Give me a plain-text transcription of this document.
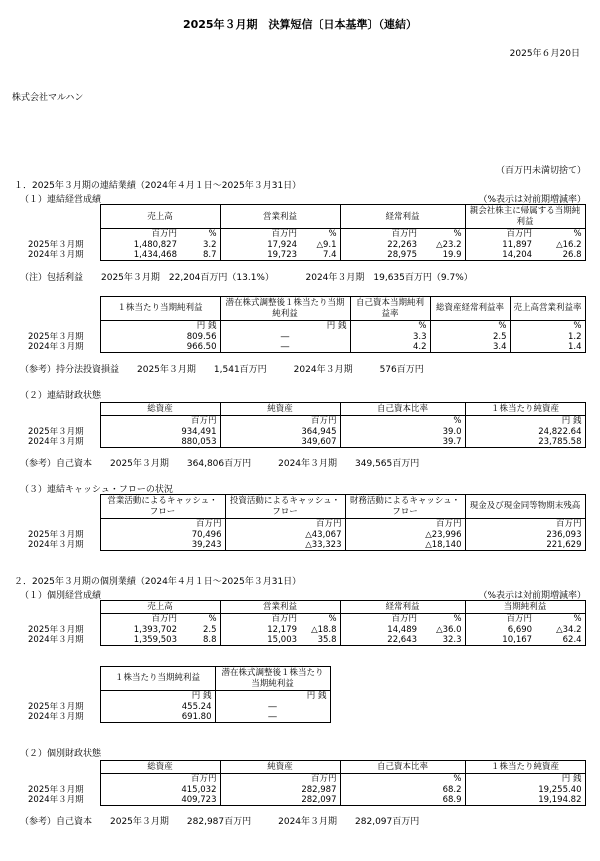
2025年３月期　決算短信〔日本基準〕（連結）
2025年６月20日
株式会社マルハン
（百万円未満切捨て）
１．2025年３月期の連結業績（2024年４月１日～2025年３月31日）
（１）連結経営成績	（%表示は対前期増減率）
	売上高		営業利益		経常利益		親会社株主に帰属する当期純利益	
	百万円	%	百万円	%	百万円	%	百万円	%
2025年３月期	1,480,827	3.2	17,924	△9.1	22,263	△23.2	11,897	△16.2
2024年３月期	1,434,468	8.7	19,723	7.4	28,975	19.9	14,204	26.8
（注）包括利益　　2025年３月期　22,204百万円（13.1%）　　　　2024年３月期　19,635百万円（9.7%）
	１株当たり当期純利益	潜在株式調整後１株当たり当期純利益	自己資本当期純利益率	総資産経常利益率	売上高営業利益率
	円 銭	円 銭	%	%	%
2025年３月期	809.56	―	3.3	2.5	1.2
2024年３月期	966.50	―	4.2	3.4	1.4
（参考）持分法投資損益　　2025年３月期　　1,541百万円　　　2024年３月期　　　576百万円
（２）連結財政状態
	総資産	純資産	自己資本比率	１株当たり純資産
	百万円	百万円	%	円 銭
2025年３月期	934,491	364,945	39.0	24,822.64
2024年３月期	880,053	349,607	39.7	23,785.58
（参考）自己資本　　2025年３月期　　364,806百万円　　　2024年３月期　　349,565百万円
（３）連結キャッシュ・フローの状況
	営業活動によるキャッシュ・フロー	投資活動によるキャッシュ・フロー	財務活動によるキャッシュ・フロー	現金及び現金同等物期末残高
	百万円	百万円	百万円	百万円
2025年３月期	70,496	△43,067	△23,996	236,093
2024年３月期	39,243	△33,323	△18,140	221,629
２．2025年３月期の個別業績（2024年４月１日～2025年３月31日）
（１）個別経営成績	（%表示は対前期増減率）
	売上高		営業利益		経常利益		当期純利益	
	百万円	%	百万円	%	百万円	%	百万円	%
2025年３月期	1,393,702	2.5	12,179	△18.8	14,489	△36.0	6,690	△34.2
2024年３月期	1,359,503	8.8	15,003	35.8	22,643	32.3	10,167	62.4
	１株当たり当期純利益	潜在株式調整後１株当たり当期純利益
	円 銭	円 銭
2025年３月期	455.24	―
2024年３月期	691.80	―
（２）個別財政状態
	総資産	純資産	自己資本比率	１株当たり純資産
	百万円	百万円	%	円 銭
2025年３月期	415,032	282,987	68.2	19,255.40
2024年３月期	409,723	282,097	68.9	19,194.82
（参考）自己資本　　2025年３月期　　282,987百万円　　　2024年３月期　　282,097百万円
